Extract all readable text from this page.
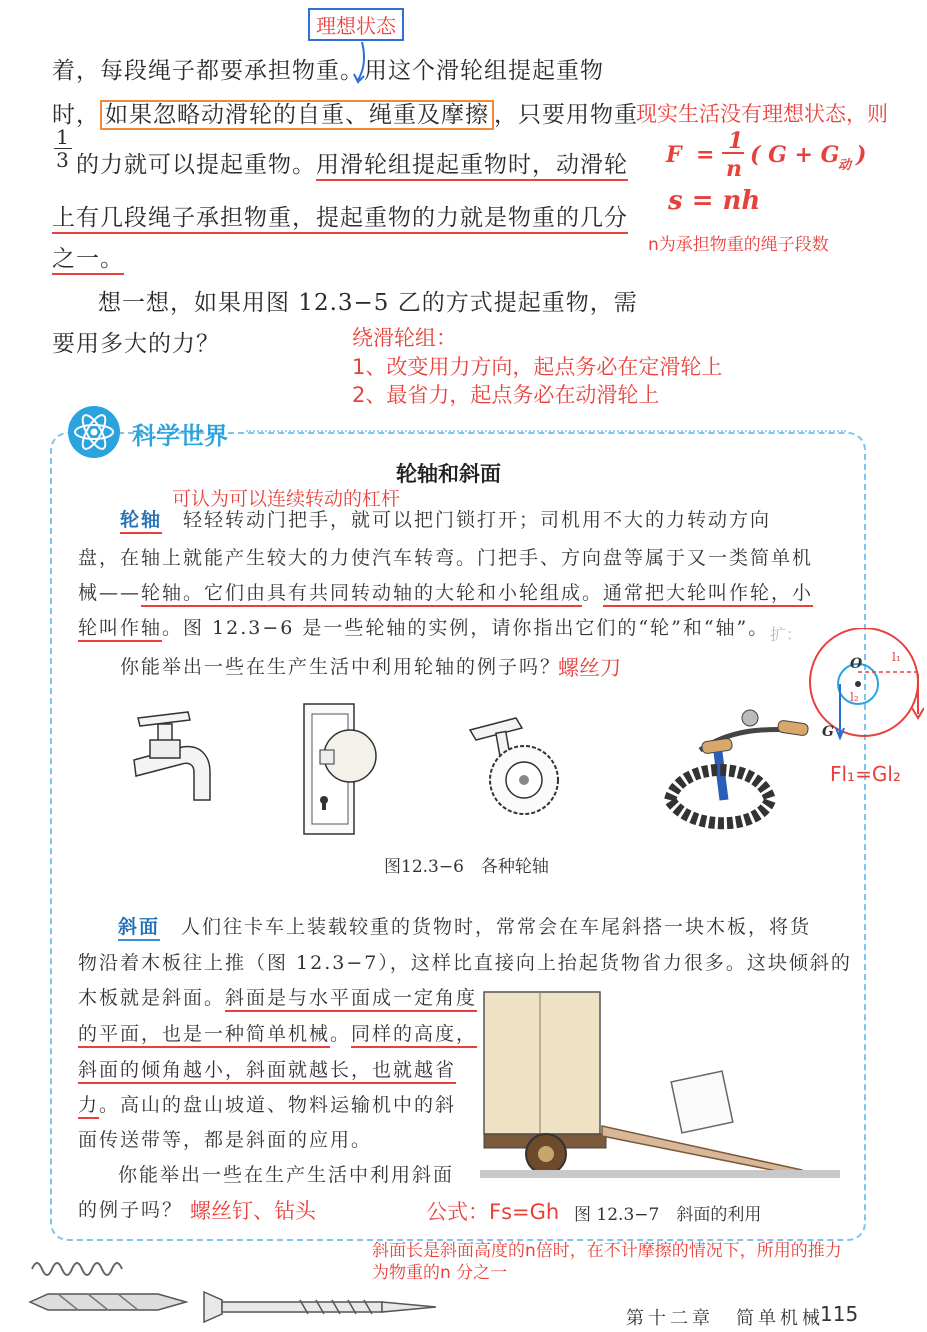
理想状态
着，每段绳子都要承担物重。用这个滑轮组提起重物
时， 如果忽略动滑轮的自重、绳重及摩擦 ，只要用物重
1
3 的力就可以提起重物。用滑轮组提起重物时，动滑轮
上有几段绳子承担物重，提起重物的力就是物重的几分
之一。
想一想，如果用图 12.3−5 乙的方式提起重物，需
要用多大的力？
现实生活没有理想状态，则
F =
1
n
( G + G
动 )
s = nh
n为承担物重的绳子段数
绕滑轮组：
1、改变用力方向，起点务必在定滑轮上
2、最省力，起点务必在动滑轮上
科学世界
轮轴和斜面
可认为可以连续转动的杠杆
轮轴　 轻轻转动门把手，就可以把门锁打开；司机用不大的力转动方向
盘，在轴上就能产生较大的力使汽车转弯。门把手、方向盘等属于又一类简单机
械——轮轴。它们由具有共同转动轴的大轮和小轮组成。通常把大轮叫作轮，小
轮叫作轴。图 12.3−6 是一些轮轴的实例，请你指出它们的“轮”和“轴”。 扩：
你能举出一些在生产生活中利用轮轴的例子吗？
螺丝刀
图12.3−6　各种轮轴
O l₁
l₂
G
Fl₁=Gl₂
斜面　 人们往卡车上装载较重的货物时，常常会在车尾斜搭一块木板，将货
物沿着木板往上推（图 12.3−7），这样比直接向上抬起货物省力很多。这块倾斜的
木板就是斜面。斜面是与水平面成一定角度
的平面，也是一种简单机械。同样的高度，
斜面的倾角越小，斜面就越长，也就越省
力。高山的盘山坡道、物料运输机中的斜
面传送带等，都是斜面的应用。
你能举出一些在生产生活中利用斜面
的例子吗？ 螺丝钉、钻头	公式：Fs=Gh 图 12.3−7　斜面的利用
斜面长是斜面高度的n倍时，在不计摩擦的情况下，所用的推力
为物重的n 分之一
第十二章　简单机械
115
